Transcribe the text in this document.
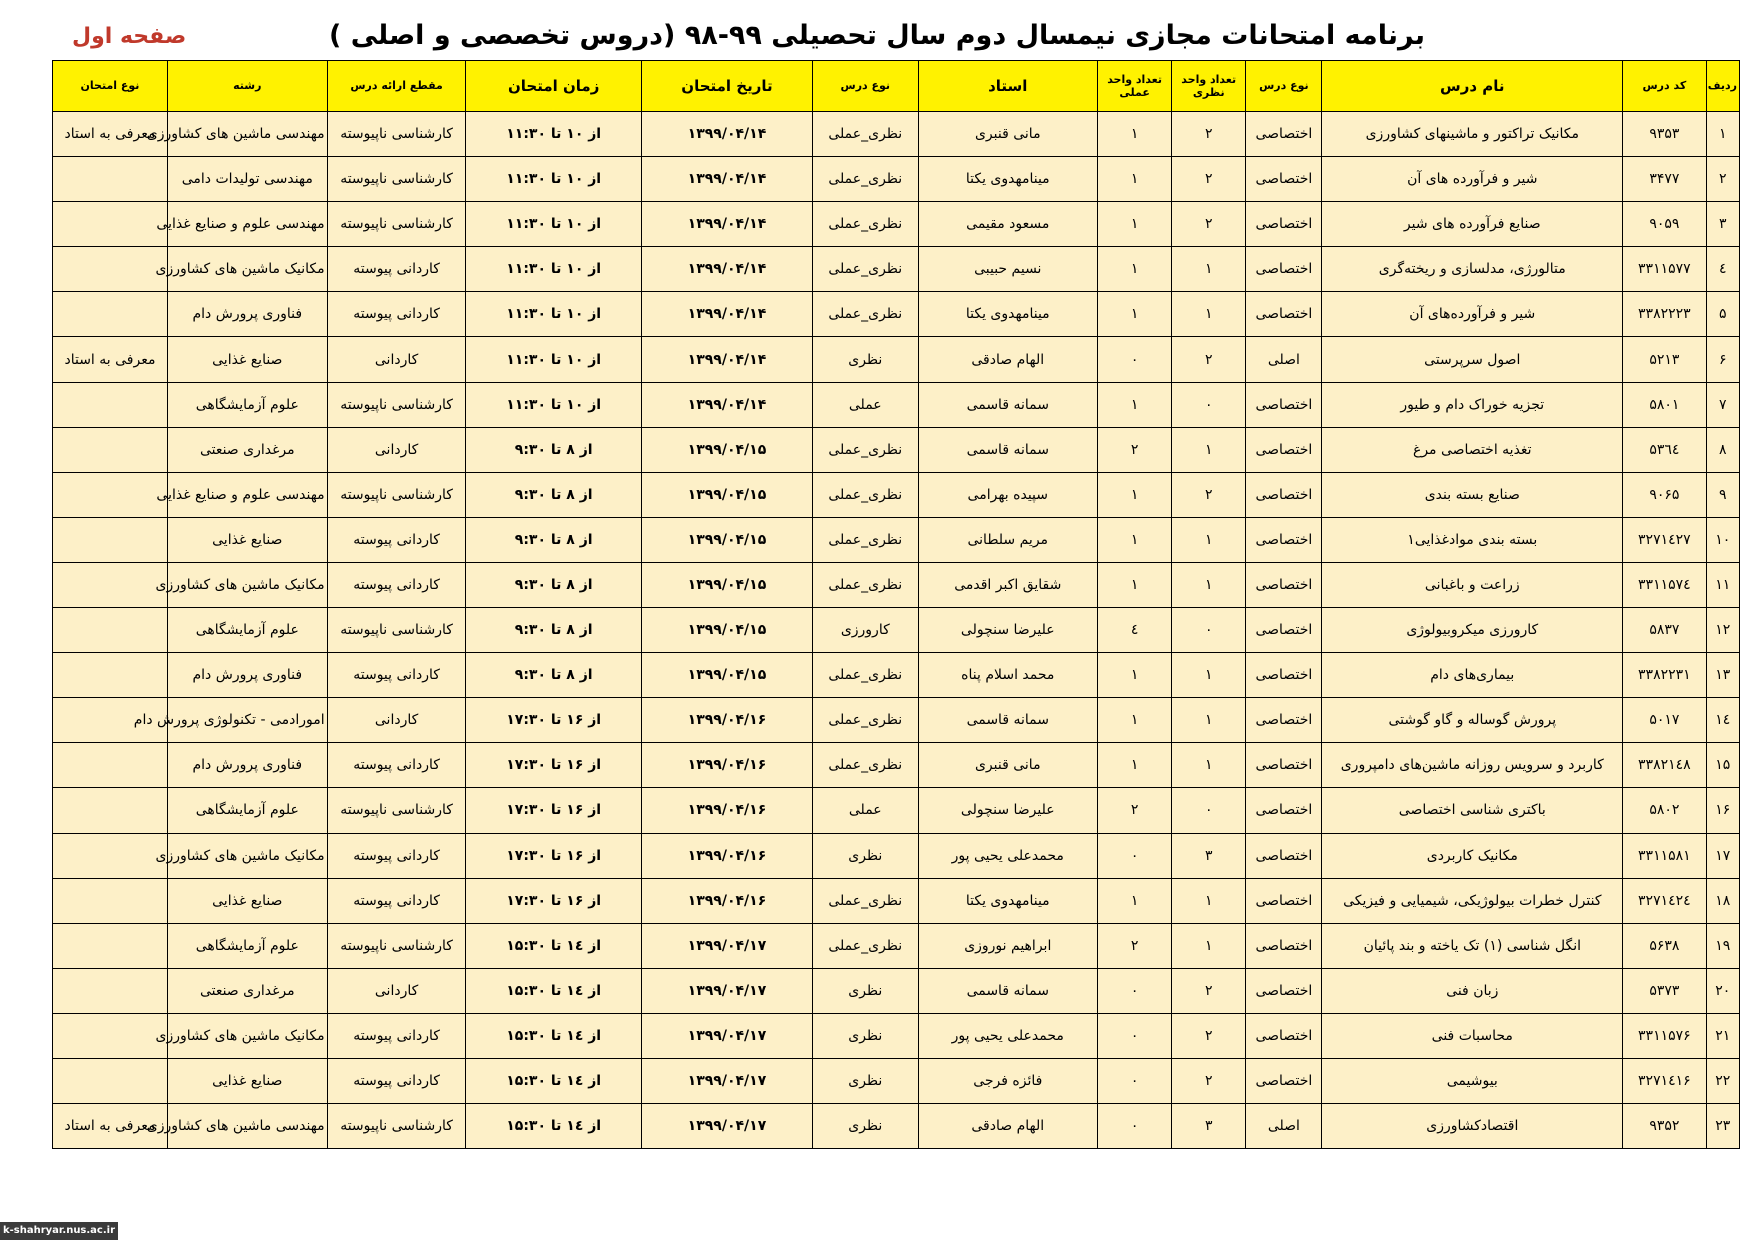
برنامه امتحانات مجازی نیمسال دوم سال تحصیلی ۹۹-۹۸ (دروس تخصصی و اصلی )
صفحه اول
ردیف	کد درس	نام درس	نوع درس	تعداد واحد نظری	تعداد واحد عملی	استاد	نوع درس	تاریخ امتحان	زمان امتحان	مقطع ارائه درس	رشته	نوع امتحان
۱	۹۳۵۳	مکانیک تراکتور و ماشینهای کشاورزی	اختصاصی	۲	۱	مانی قنبری	نظری_عملی	۱۳۹۹/۰۴/۱۴	از ۱۰ تا ۱۱:۳۰	کارشناسی ناپیوسته	مهندسی ماشین های کشاورزی	معرفی به استاد
۲	۳۴۷۷	شیر و فرآورده های آن	اختصاصی	۲	۱	مینامهدوی یکتا	نظری_عملی	۱۳۹۹/۰۴/۱۴	از ۱۰ تا ۱۱:۳۰	کارشناسی ناپیوسته	مهندسی تولیدات دامی	
۳	۹۰۵۹	صنایع فرآورده های شیر	اختصاصی	۲	۱	مسعود مقیمی	نظری_عملی	۱۳۹۹/۰۴/۱۴	از ۱۰ تا ۱۱:۳۰	کارشناسی ناپیوسته	مهندسی علوم و صنایع غذایی	
٤	۳۳۱۱۵۷۷	متالورژی، مدلسازی و ریخته‌گری	اختصاصی	۱	۱	نسیم حبیبی	نظری_عملی	۱۳۹۹/۰۴/۱۴	از ۱۰ تا ۱۱:۳۰	کاردانی پیوسته	مکانیک ماشین های کشاورزی	
۵	۳۳۸۲۲۲۳	شیر و فرآورده‌های آن	اختصاصی	۱	۱	مینامهدوی یکتا	نظری_عملی	۱۳۹۹/۰۴/۱۴	از ۱۰ تا ۱۱:۳۰	کاردانی پیوسته	فناوری پرورش دام	
۶	۵۲۱۳	اصول سرپرستی	اصلی	۲	۰	الهام صادقی	نظری	۱۳۹۹/۰۴/۱۴	از ۱۰ تا ۱۱:۳۰	کاردانی	صنایع غذایی	معرفی به استاد
۷	۵۸۰۱	تجزیه خوراک دام و طیور	اختصاصی	۰	۱	سمانه قاسمی	عملی	۱۳۹۹/۰۴/۱۴	از ۱۰ تا ۱۱:۳۰	کارشناسی ناپیوسته	علوم آزمایشگاهی	
۸	۵۳٦٤	تغذیه اختصاصی مرغ	اختصاصی	۱	۲	سمانه قاسمی	نظری_عملی	۱۳۹۹/۰۴/۱۵	از ۸ تا ۹:۳۰	کاردانی	مرغداری صنعتی	
۹	۹۰۶۵	صنایع بسته بندی	اختصاصی	۲	۱	سپیده بهرامی	نظری_عملی	۱۳۹۹/۰۴/۱۵	از ۸ تا ۹:۳۰	کارشناسی ناپیوسته	مهندسی علوم و صنایع غذایی	
۱۰	۳۲۷۱٤۲۷	بسته بندی موادغذایی۱	اختصاصی	۱	۱	مریم سلطانی	نظری_عملی	۱۳۹۹/۰۴/۱۵	از ۸ تا ۹:۳۰	کاردانی پیوسته	صنایع غذایی	
۱۱	۳۳۱۱۵۷٤	زراعت و باغبانی	اختصاصی	۱	۱	شقایق اکبر اقدمی	نظری_عملی	۱۳۹۹/۰۴/۱۵	از ۸ تا ۹:۳۰	کاردانی پیوسته	مکانیک ماشین های کشاورزی	
۱۲	۵۸۳۷	کارورزی میکروبیولوژی	اختصاصی	۰	٤	علیرضا سنچولی	کارورزی	۱۳۹۹/۰۴/۱۵	از ۸ تا ۹:۳۰	کارشناسی ناپیوسته	علوم آزمایشگاهی	
۱۳	۳۳۸۲۲۳۱	بیماری‌های دام	اختصاصی	۱	۱	محمد اسلام پناه	نظری_عملی	۱۳۹۹/۰۴/۱۵	از ۸ تا ۹:۳۰	کاردانی پیوسته	فناوری پرورش دام	
۱٤	۵۰۱۷	پرورش گوساله و گاو گوشتی	اختصاصی	۱	۱	سمانه قاسمی	نظری_عملی	۱۳۹۹/۰۴/۱۶	از ۱۶ تا ۱۷:۳۰	کاردانی	امورادمی - تکنولوژی پرورش دام	
۱۵	۳۳۸۲۱٤۸	کاربرد و سرویس روزانه ماشین‌های دامپروری	اختصاصی	۱	۱	مانی قنبری	نظری_عملی	۱۳۹۹/۰۴/۱۶	از ۱۶ تا ۱۷:۳۰	کاردانی پیوسته	فناوری پرورش دام	
۱۶	۵۸۰۲	باکتری شناسی اختصاصی	اختصاصی	۰	۲	علیرضا سنچولی	عملی	۱۳۹۹/۰۴/۱۶	از ۱۶ تا ۱۷:۳۰	کارشناسی ناپیوسته	علوم آزمایشگاهی	
۱۷	۳۳۱۱۵۸۱	مکانیک کاربردی	اختصاصی	۳	۰	محمدعلی یحیی پور	نظری	۱۳۹۹/۰۴/۱۶	از ۱۶ تا ۱۷:۳۰	کاردانی پیوسته	مکانیک ماشین های کشاورزی	
۱۸	۳۲۷۱٤۲٤	کنترل خطرات بیولوژیکی، شیمیایی و فیزیکی	اختصاصی	۱	۱	مینامهدوی یکتا	نظری_عملی	۱۳۹۹/۰۴/۱۶	از ۱۶ تا ۱۷:۳۰	کاردانی پیوسته	صنایع غذایی	
۱۹	۵۶۳۸	انگل شناسی (۱) تک یاخته و بند پائیان	اختصاصی	۱	۲	ابراهیم نوروزی	نظری_عملی	۱۳۹۹/۰۴/۱۷	از ۱٤ تا ۱۵:۳۰	کارشناسی ناپیوسته	علوم آزمایشگاهی	
۲۰	۵۳۷۳	زبان فنی	اختصاصی	۲	۰	سمانه قاسمی	نظری	۱۳۹۹/۰۴/۱۷	از ۱٤ تا ۱۵:۳۰	کاردانی	مرغداری صنعتی	
۲۱	۳۳۱۱۵۷۶	محاسبات فنی	اختصاصی	۲	۰	محمدعلی یحیی پور	نظری	۱۳۹۹/۰۴/۱۷	از ۱٤ تا ۱۵:۳۰	کاردانی پیوسته	مکانیک ماشین های کشاورزی	
۲۲	۳۲۷۱٤۱۶	بیوشیمی	اختصاصی	۲	۰	فائزه فرجی	نظری	۱۳۹۹/۰۴/۱۷	از ۱٤ تا ۱۵:۳۰	کاردانی پیوسته	صنایع غذایی	
۲۳	۹۳۵۲	اقتصادکشاورزی	اصلی	۳	۰	الهام صادقی	نظری	۱۳۹۹/۰۴/۱۷	از ۱٤ تا ۱۵:۳۰	کارشناسی ناپیوسته	مهندسی ماشین های کشاورزی	معرفی به استاد
k-shahryar.nus.ac.ir
